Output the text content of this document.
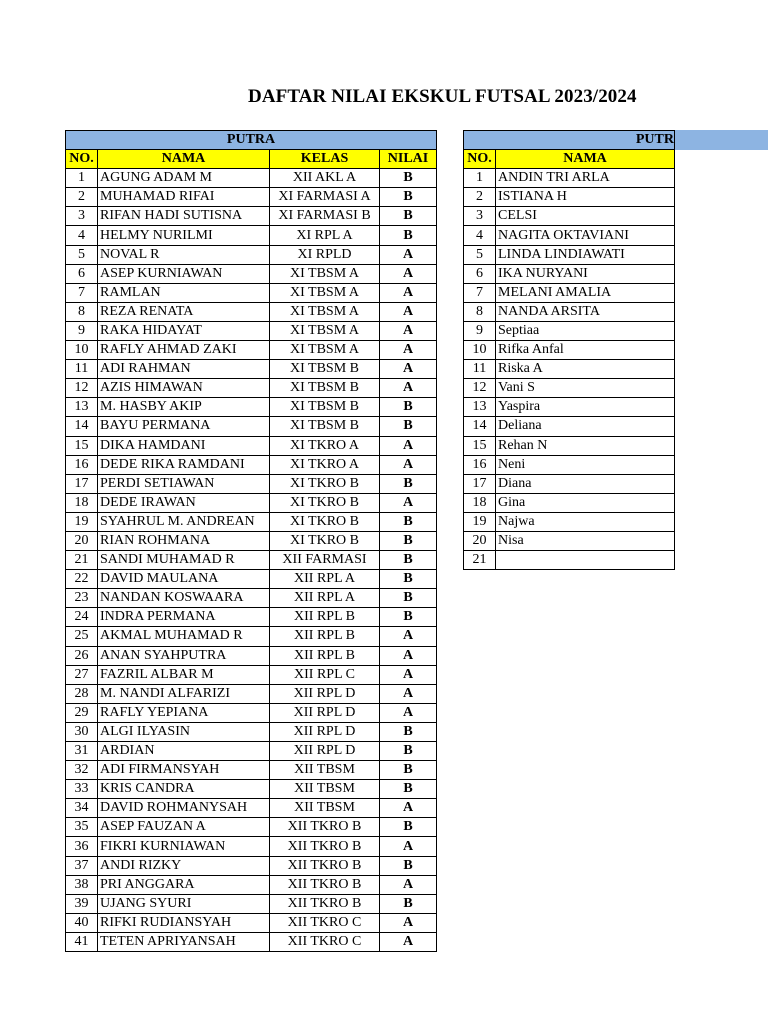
DAFTAR NILAI EKSKUL FUTSAL 2023/2024
PUTRA			
NO.	NAMA	KELAS	NILAI
1	AGUNG ADAM M	XII AKL A	B
2	MUHAMAD RIFAI	XI FARMASI A	B
3	RIFAN HADI SUTISNA	XI FARMASI B	B
4	HELMY NURILMI	XI RPL A	B
5	NOVAL R	XI RPLD	A
6	ASEP KURNIAWAN	XI TBSM A	A
7	RAMLAN	XI TBSM A	A
8	REZA RENATA	XI TBSM A	A
9	RAKA HIDAYAT	XI TBSM A	A
10	RAFLY AHMAD ZAKI	XI TBSM A	A
11	ADI RAHMAN	XI TBSM B	A
12	AZIS HIMAWAN	XI TBSM B	A
13	M. HASBY AKIP	XI TBSM B	B
14	BAYU PERMANA	XI TBSM B	B
15	DIKA HAMDANI	XI TKRO A	A
16	DEDE RIKA RAMDANI	XI TKRO A	A
17	PERDI SETIAWAN	XI TKRO B	B
18	DEDE IRAWAN	XI TKRO B	A
19	SYAHRUL M. ANDREAN	XI TKRO B	B
20	RIAN ROHMANA	XI TKRO B	B
21	SANDI MUHAMAD R	XII FARMASI	B
22	DAVID MAULANA	XII RPL A	B
23	NANDAN KOSWAARA	XII RPL A	B
24	INDRA PERMANA	XII RPL B	B
25	AKMAL MUHAMAD R	XII RPL B	A
26	ANAN SYAHPUTRA	XII RPL B	A
27	FAZRIL ALBAR M	XII RPL C	A
28	M. NANDI ALFARIZI	XII RPL D	A
29	RAFLY YEPIANA	XII RPL D	A
30	ALGI ILYASIN	XII RPL D	B
31	ARDIAN	XII RPL D	B
32	ADI FIRMANSYAH	XII TBSM	B
33	KRIS CANDRA	XII TBSM	B
34	DAVID ROHMANYSAH	XII TBSM	A
35	ASEP FAUZAN A	XII TKRO B	B
36	FIKRI KURNIAWAN	XII TKRO B	A
37	ANDI RIZKY	XII TKRO B	B
38	PRI ANGGARA	XII TKRO B	A
39	UJANG SYURI	XII TKRO B	B
40	RIFKI RUDIANSYAH	XII TKRO C	A
41	TETEN APRIYANSAH	XII TKRO C	A
PUTR	
NO.	NAMA
1	ANDIN TRI ARLA
2	ISTIANA H
3	CELSI
4	NAGITA OKTAVIANI
5	LINDA LINDIAWATI
6	IKA NURYANI
7	MELANI AMALIA
8	NANDA ARSITA
9	Septiaa
10	Rifka Anfal
11	Riska A
12	Vani S
13	Yaspira
14	Deliana
15	Rehan N
16	Neni
17	Diana
18	Gina
19	Najwa
20	Nisa
21	
